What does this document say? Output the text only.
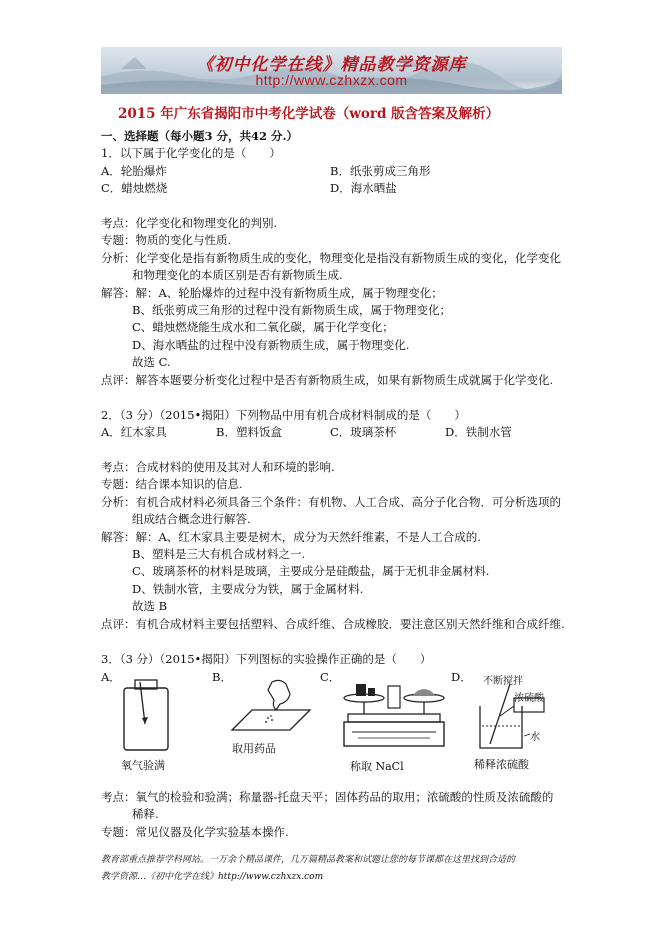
《初中化学在线》精品教学资源库
http://www.czhxzx.com
2015 年广东省揭阳市中考化学试卷（word 版含答案及解析）
一、选择题（每小题3 分，共42 分.）
1．以下属于化学变化的是（　　）
A．轮胎爆炸	B．纸张剪成三角形
C．蜡烛燃烧	D．海水晒盐
考点：化学变化和物理变化的判别.
专题：物质的变化与性质.
分析：化学变化是指有新物质生成的变化，物理变化是指没有新物质生成的变化，化学变化
和物理变化的本质区别是否有新物质生成.
解答：解：A、轮胎爆炸的过程中没有新物质生成，属于物理变化；
B、纸张剪成三角形的过程中没有新物质生成，属于物理变化；
C、蜡烛燃烧能生成水和二氧化碳，属于化学变化；
D、海水晒盐的过程中没有新物质生成，属于物理变化.
故选 C.
点评：解答本题要分析变化过程中是否有新物质生成，如果有新物质生成就属于化学变化.
2．（3 分）（2015•揭阳）下列物品中用有机合成材料制成的是（　　）
A．红木家具	B．塑料饭盒	C．玻璃茶杯	D．铁制水管
考点：合成材料的使用及其对人和环境的影响.
专题：结合课本知识的信息.
分析：有机合成材料必须具备三个条件：有机物、人工合成、高分子化合物．可分析选项的
组成结合概念进行解答.
解答：解：A、红木家具主要是树木，成分为天然纤维素，不是人工合成的.
B、塑料是三大有机合成材料之一.
C、玻璃茶杯的材料是玻璃，主要成分是硅酸盐，属于无机非金属材料.
D、铁制水管，主要成分为铁，属于金属材料.
故选 B
点评：有机合成材料主要包括塑料、合成纤维、合成橡胶．要注意区别天然纤维和合成纤维.
3．（3 分）（2015•揭阳）下列图标的实验操作正确的是（　　）
A．	B．	C．	D．
氧气验满
取用药品
称取 NaCl
不断搅拌
浓硫酸
水
稀释浓硫酸
考点：氧气的检验和验满；称量器-托盘天平；固体药品的取用；浓硫酸的性质及浓硫酸的
稀释.
专题：常见仪器及化学实验基本操作.
教育部重点推荐学科网站。一万余个精品课件，几万篇精品教案和试题让您的每节课都在这里找到合适的
教学资源…《初中化学在线》http://www.czhxzx.com
